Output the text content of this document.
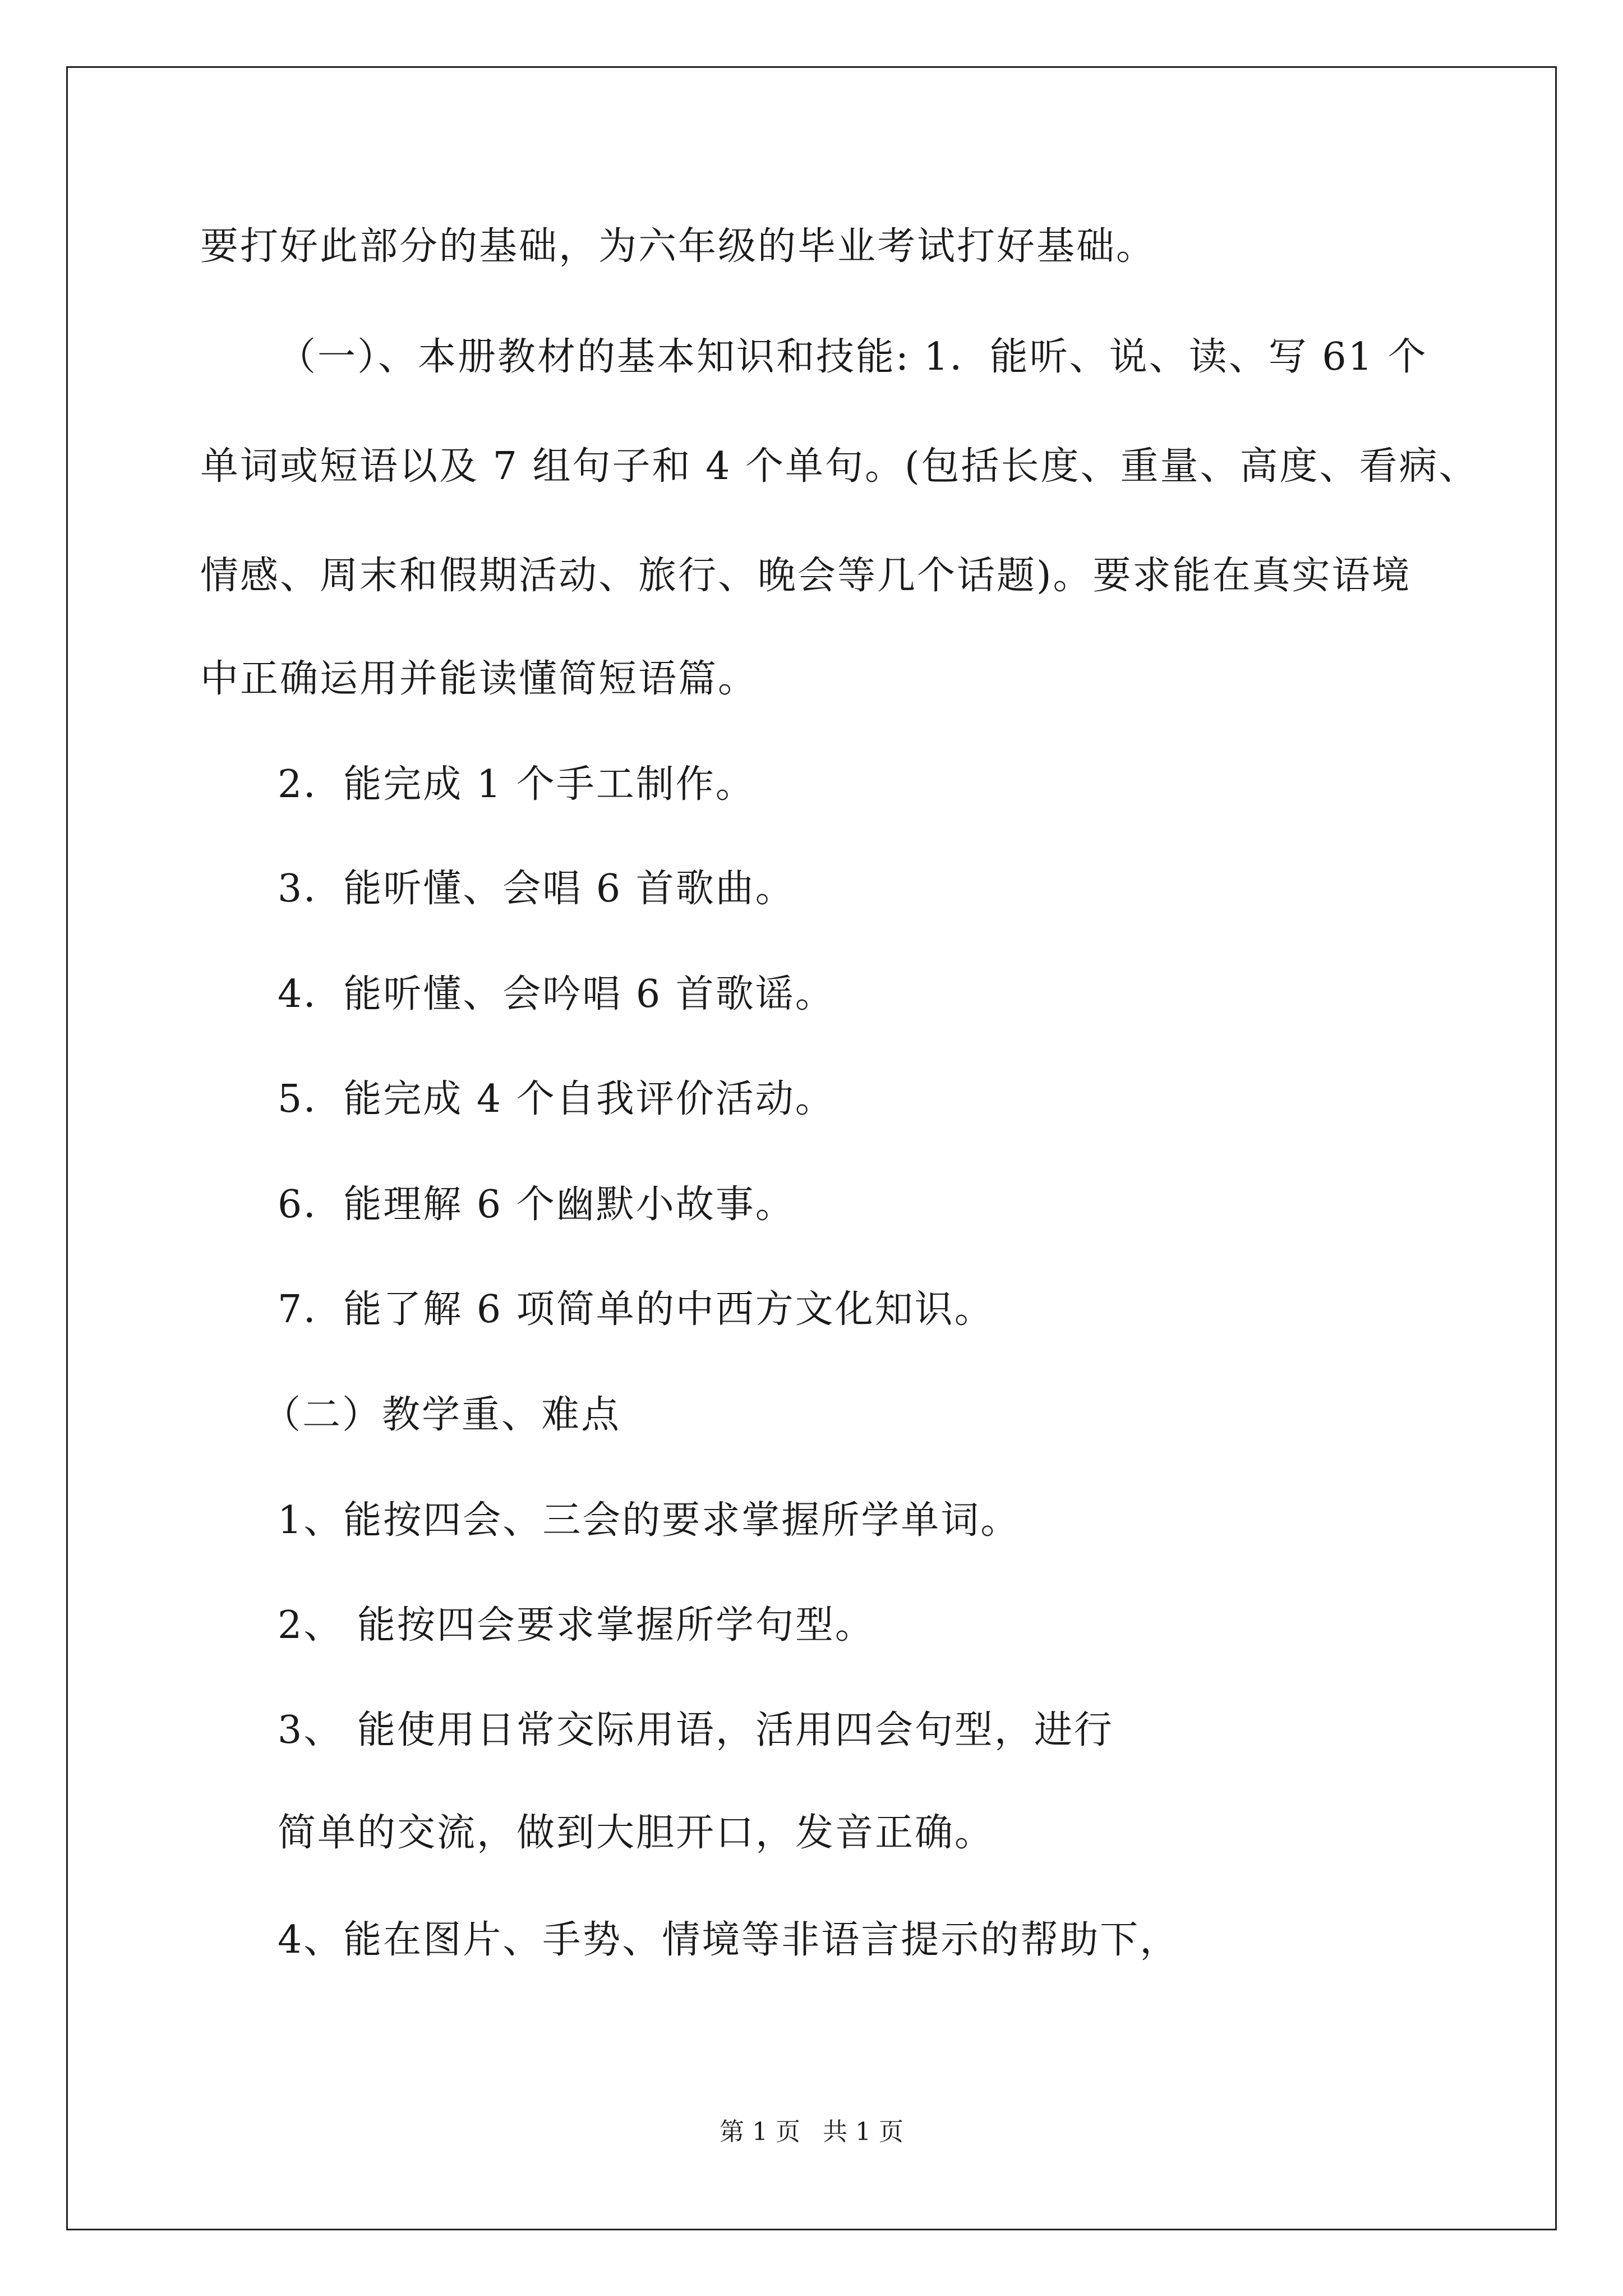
要打好此部分的基础，为六年级的毕业考试打好基础。
（一）、本册教材的基本知识和技能: 1．能听、说、读、写 61 个
单词或短语以及 7 组句子和 4 个单句。(包括长度、重量、高度、看病、
情感、周末和假期活动、旅行、晚会等几个话题)。要求能在真实语境
中正确运用并能读懂简短语篇。
2．能完成 1 个手工制作。
3．能听懂、会唱 6 首歌曲。
4．能听懂、会吟唱 6 首歌谣。
5．能完成 4 个自我评价活动。
6．能理解 6 个幽默小故事。
7．能了解 6 项简单的中西方文化知识。
（二）教学重、难点
1、能按四会、三会的要求掌握所学单词。
2、 能按四会要求掌握所学句型。
3、 能使用日常交际用语，活用四会句型，进行
简单的交流，做到大胆开口，发音正确。
4、能在图片、手势、情境等非语言提示的帮助下，
第 1 页 共 1 页
